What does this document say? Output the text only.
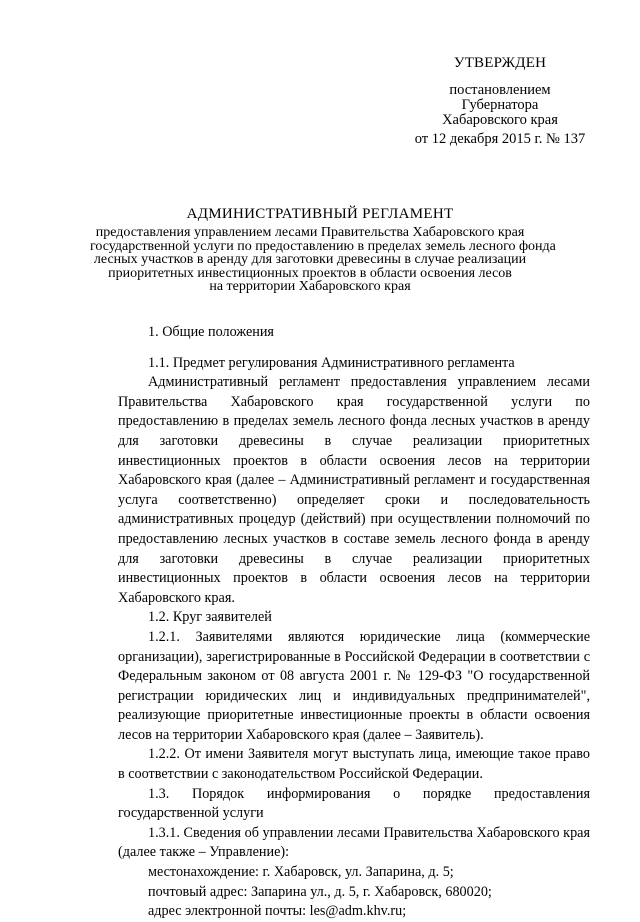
УТВЕРЖДЕН
постановлением
Губернатора
Хабаровского края
от 12 декабря 2015 г. № 137
АДМИНИСТРАТИВНЫЙ РЕГЛАМЕНТ
предоставления управлением лесами Правительства Хабаровского края
государственной услуги по предоставлению в пределах земель лесного фонда
лесных участков в аренду для заготовки древесины в случае реализации
приоритетных инвестиционных проектов в области освоения лесов
на территории Хабаровского края

1. Общие положения

1.1. Предмет регулирования Административного регламента

Административный регламент предоставления управлением лесами Правительства Хабаровского края государственной услуги по предоставлению в пределах земель лесного фонда лесных участков в аренду для заготовки древесины в случае реализации приоритетных инвестиционных проектов в области освоения лесов на территории Хабаровского края (далее – Административный регламент и государственная услуга соответственно) определяет сроки и последовательность административных процедур (действий) при осуществлении полномочий по предоставлению лесных участков в составе земель лесного фонда в аренду для заготовки древесины в случае реализации приоритетных инвестиционных проектов в области освоения лесов на территории Хабаровского края.

1.2. Круг заявителей

1.2.1. Заявителями являются юридические лица (коммерческие организации), зарегистрированные в Российской Федерации в соответствии с Федеральным законом от 08 августа 2001 г. № 129-ФЗ "О государственной регистрации юридических лиц и индивидуальных предпринимателей", реализующие приоритетные инвестиционные проекты в области освоения лесов на территории Хабаровского края (далее – Заявитель).

1.2.2. От имени Заявителя могут выступать лица, имеющие такое право в соответствии с законодательством Российской Федерации.

1.3. Порядок информирования о порядке предоставления государственной услуги

1.3.1. Сведения об управлении лесами Правительства Хабаровского края (далее также – Управление):

местонахождение: г. Хабаровск, ул. Запарина, д. 5;

почтовый адрес: Запарина ул., д. 5, г. Хабаровск, 680020;

адрес электронной почты: les@adm.khv.ru;
